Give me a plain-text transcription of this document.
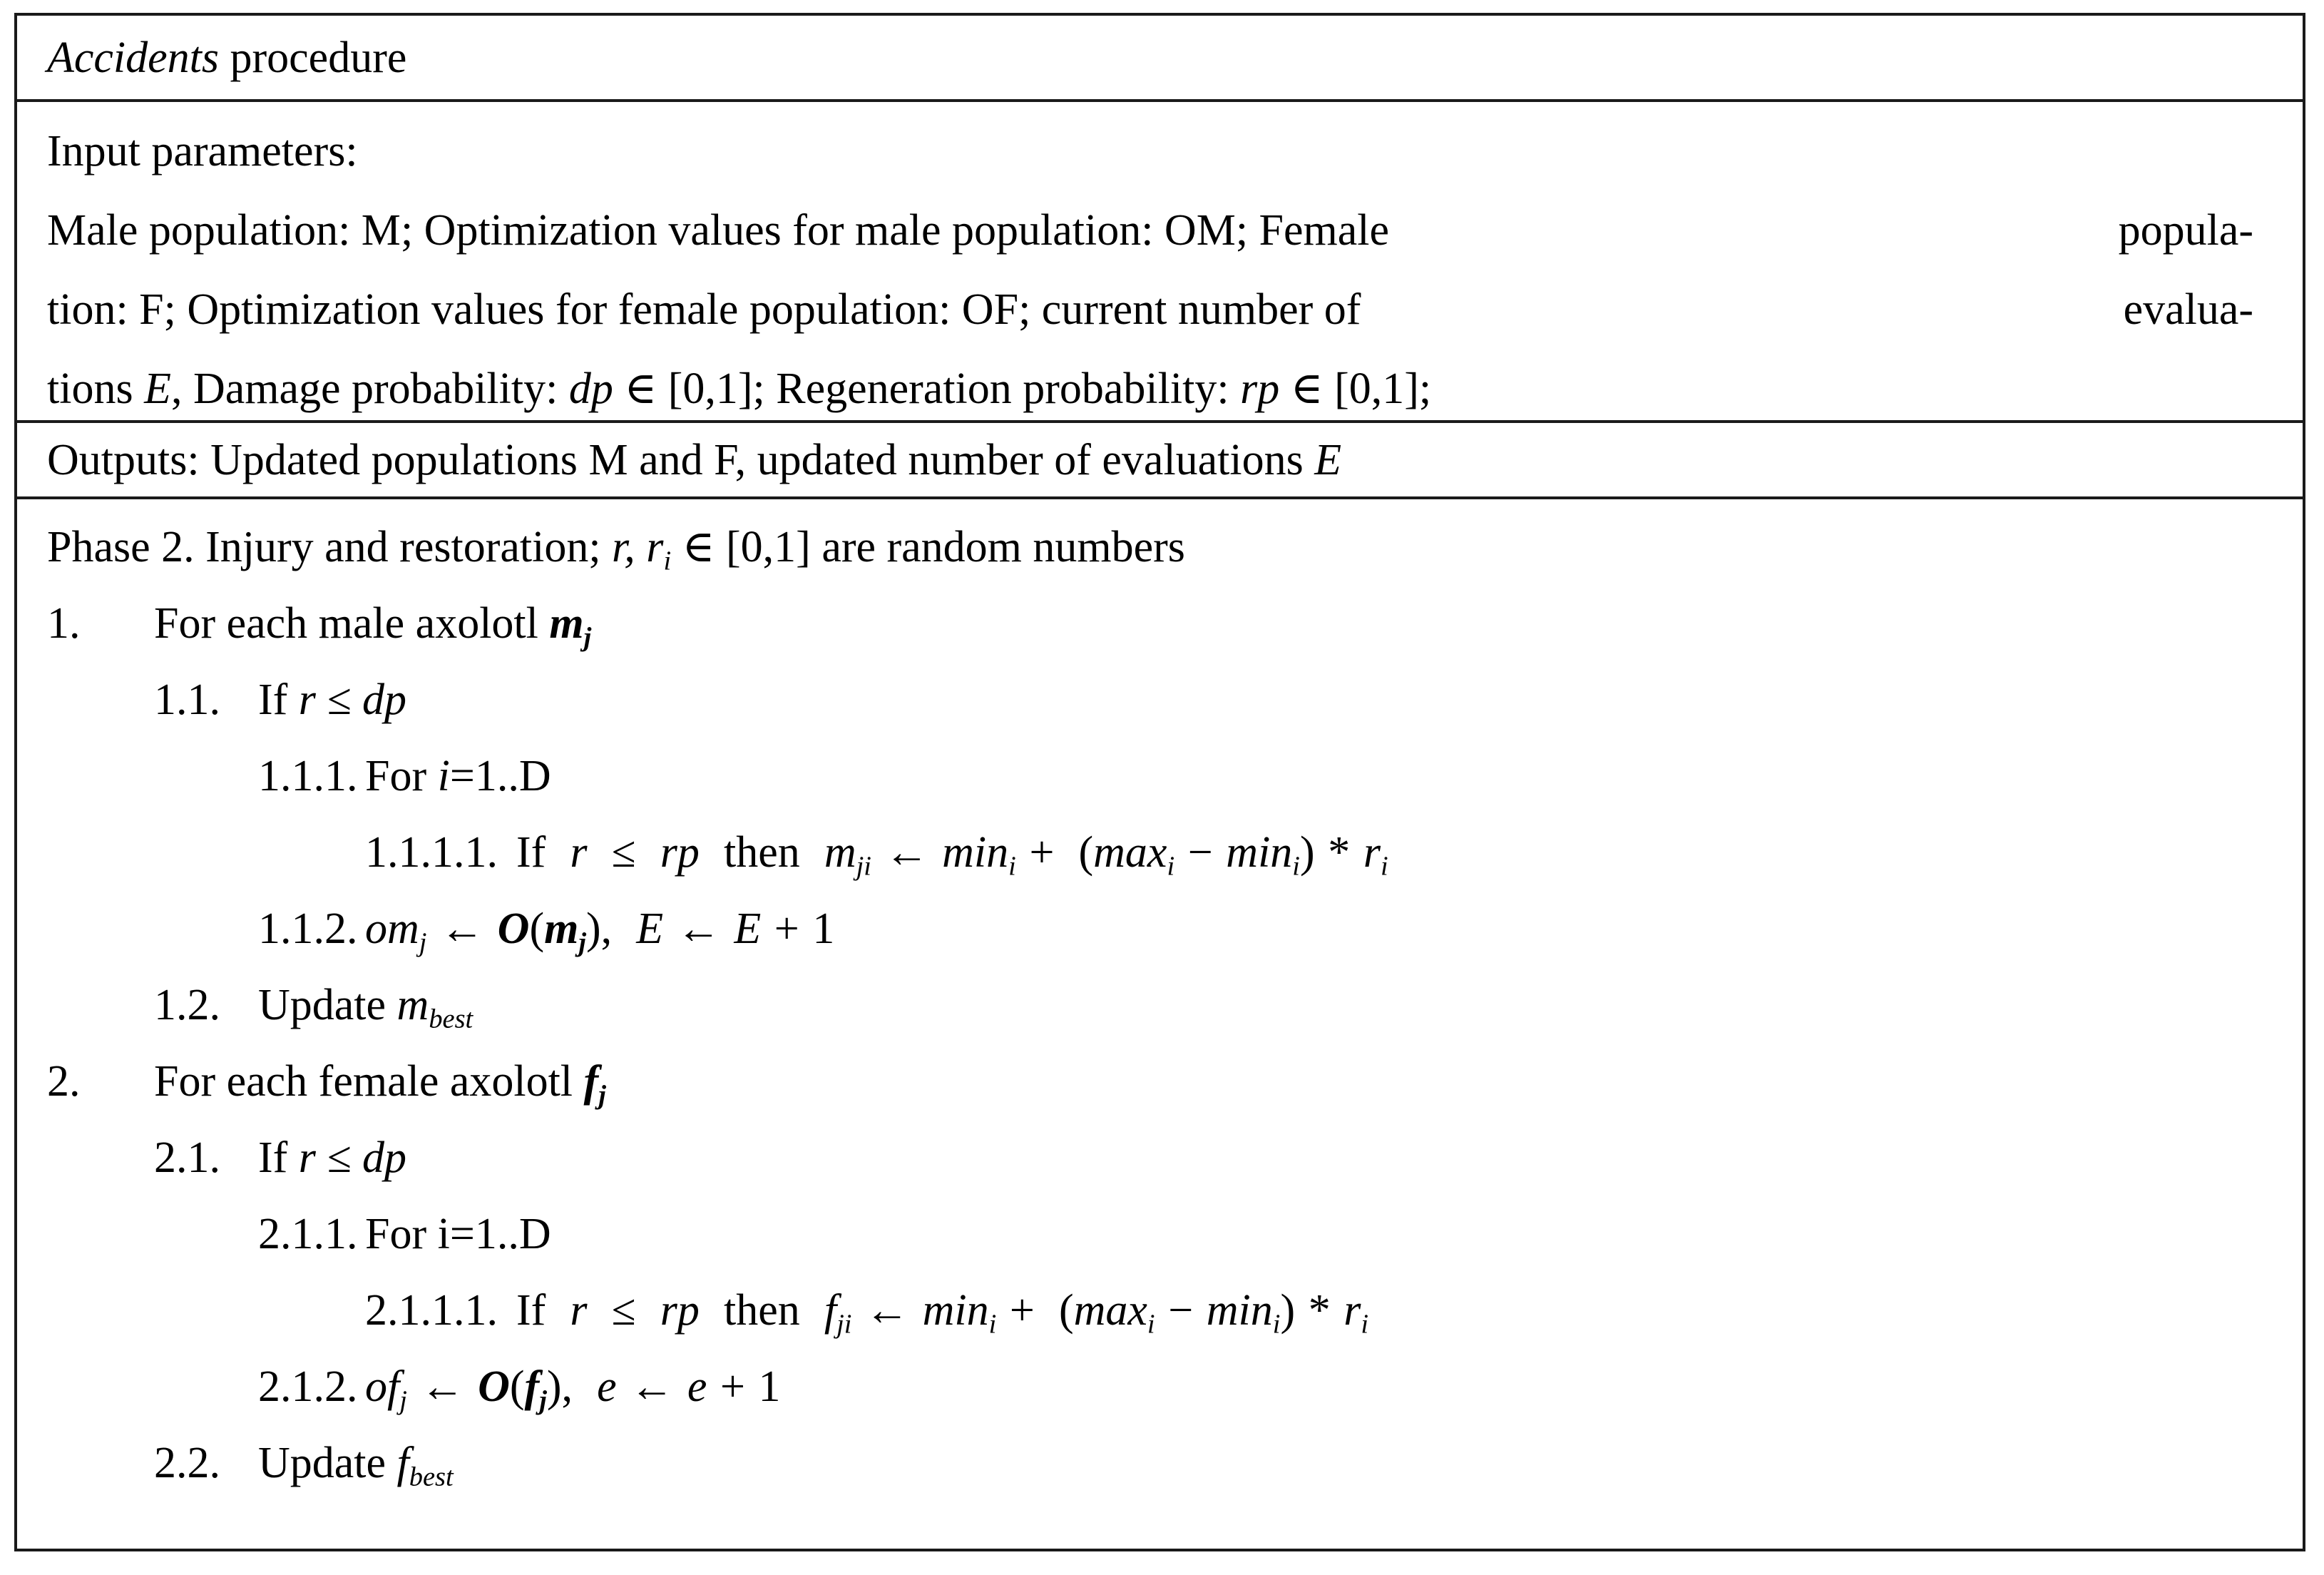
Accidents procedure
Input parameters:
Male population: M; Optimization values for male population: OM; Female	popula-
tion: F; Optimization values for female population: OF; current number of	evalua-
tions E, Damage probability: dp ∈ [0,1]; Regeneration probability: rp ∈ [0,1];
Outputs: Updated populations M and F, updated number of evaluations E
Phase 2. Injury and restoration; r, $r_i$ ∈ [0,1] are random numbers
1.	For each male axolotl $m_j$
1.1. If r ≤ dp
1.1.1. For i=1..D
1.1.1.1. If r ≤ rp then $m_{ji}$ ← $\min_i + (\max_i - \min_i) * r_i$
1.1.2. $om_j$ ← $O(m_j)$, E ← E + 1
1.2. Update $m_{best}$
2.	For each female axolotl $f_j$
2.1. If r ≤ dp
2.1.1. For i=1..D
2.1.1.1. If r ≤ rp then $f_{ji}$ ← $\min_i + (\max_i - \min_i) * r_i$
2.1.2. $of_j$ ← $O(f_j)$, e ← e + 1
2.2. Update $f_{best}$
